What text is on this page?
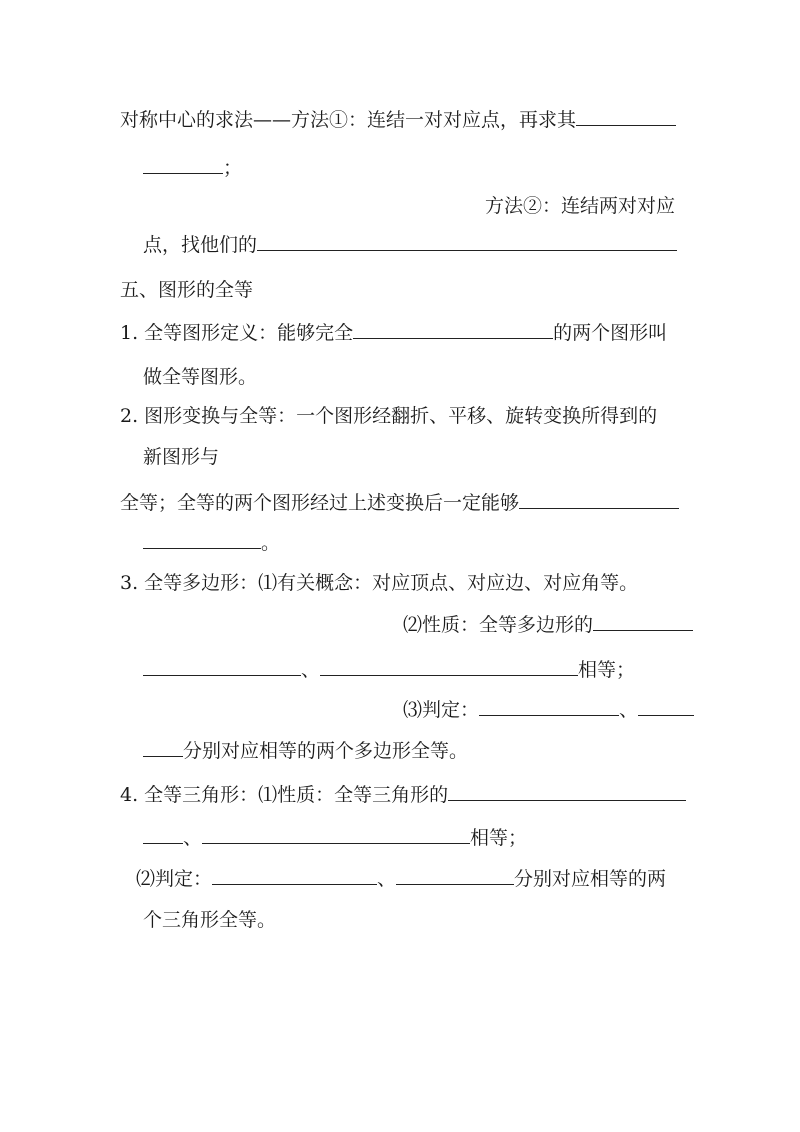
对称中心的求法——方法①：连结一对对应点，再求其
；
方法②：连结两对对应
点，找他们的
五、图形的全等
1. 全等图形定义：能够完全	的两个图形叫
做全等图形。
2. 图形变换与全等：一个图形经翻折、平移、旋转变换所得到的
新图形与
全等；全等的两个图形经过上述变换后一定能够
。
3. 全等多边形：⑴有关概念：对应顶点、对应边、对应角等。
⑵性质：全等多边形的
、	相等；
⑶判定：	、
分别对应相等的两个多边形全等。
4. 全等三角形：⑴性质：全等三角形的
、	相等；
⑵判定：	、	分别对应相等的两
个三角形全等。
